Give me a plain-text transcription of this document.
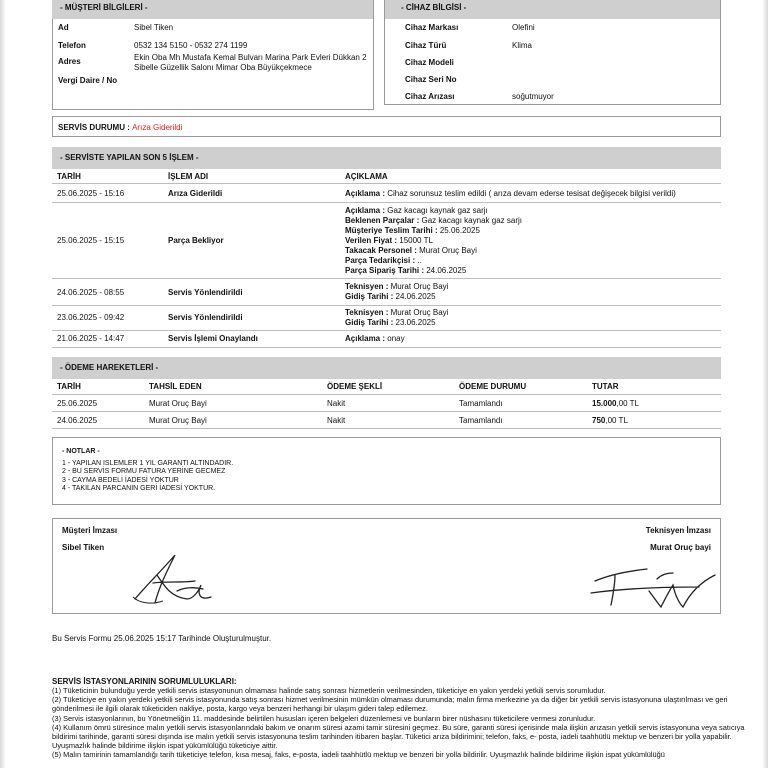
- MÜŞTERİ BİLGİLERİ -
Ad	Sibel Tiken
Telefon	0532 134 5150 - 0532 274 1199
Adres	Ekin Oba Mh Mustafa Kemal Bulvarı Marina Park Evleri Dükkan 2 Sibelle Güzellik Salonı Mimar Oba Büyükçekmece
Vergi Daire / No
- CİHAZ BİLGİSİ -
Cihaz Markası	Olefini
Cihaz Türü	Klima
Cihaz Modeli
Cihaz Seri No
Cihaz Arızası	soğutmuyor
SERVİS DURUMU : Arıza Giderildi
- SERVİSTE YAPILAN SON 5 İŞLEM -
TARİH	İŞLEM ADI	AÇIKLAMA
25.06.2025 - 15:16	Arıza Giderildi	Açıklama : Cihaz sorunsuz teslim edildi ( arıza devam ederse tesisat değişecek bilgisi verildi)
25.06.2025 - 15:15	Parça Bekliyor
Açıklama : Gaz kacagı kaynak gaz sarjı
Beklenen Parçalar : Gaz kacagı kaynak gaz sarjı
Müşteriye Teslim Tarihi : 25.06.2025
Verilen Fiyat : 15000 TL
Takacak Personel : Murat Oruç Bayi
Parça Tedarikçisi : ..
Parça Sipariş Tarihi : 24.06.2025
24.06.2025 - 08:55	Servis Yönlendirildi
Teknisyen : Murat Oruç Bayi
Gidiş Tarihi : 24.06.2025
23.06.2025 - 09:42	Servis Yönlendirildi
Teknisyen : Murat Oruç Bayi
Gidiş Tarihi : 23.06.2025
21.06.2025 - 14:47	Servis İşlemi Onaylandı	Açıklama : onay
- ÖDEME HAREKETLERİ -
TARİH	TAHSİL EDEN	ÖDEME ŞEKLİ	ÖDEME DURUMU	TUTAR
25.06.2025	Murat Oruç Bayi	Nakit	Tamamlandı	15.000,00 TL
24.06.2025	Murat Oruç Bayi	Nakit	Tamamlandı	750,00 TL
- NOTLAR -
1 - YAPILAN ISLEMLER 1 YIL GARANTI ALTINDADIR.
2 - BU SERVİS FORMU FATURA YERİNE GECMEZ
3 - CAYMA BEDELİ İADESİ YOKTUR
4 - TAKILAN PARCANIN GERİ İADESİ YOKTUR.
Müşteri İmzası
Sibel Tiken
Teknisyen İmzası
Murat Oruç bayi
Bu Servis Formu 25.06.2025 15:17 Tarihinde Oluşturulmuştur.
SERVİS İSTASYONLARININ SORUMLULUKLARI:
(1) Tüketicinin bulunduğu yerde yetkili servis istasyonunun olmaması halinde satış sonrası hizmetlerin verilmesinden, tüketiciye en yakın yerdeki yetkili servis sorumludur.
(2) Tüketiciye en yakın yerdeki yetkili servis istasyonunda satış sonrası hizmet verilmesinin mümkün olmaması durumunda; malın firma merkezine ya da diğer bir yetkili servis istasyonuna ulaştırılması ve geri gönderilmesi ile ilgili olarak tüketiciden nakliye, posta, kargo veya benzeri herhangi bir ulaşım gideri talep edilemez.
(3) Servis istasyonlarının, bu Yönetmeliğin 11. maddesinde belirtilen hususları içeren belgeleri düzenlemesi ve bunların birer nüshasını tüketicilere vermesi zorunludur.
(4) Kullanım ömrü süresince malın yetkili servis istasyonlarındaki bakım ve onarım süresi azami tamir süresini geçmez. Bu süre, garanti süresi içerisinde mala ilişkin arızasın yetkili servis istasyonuna veya satıcıya bildirimi tarihinde, garanti süresi dışında ise malın yetkili servis istasyonuna teslim tarihinden itibaren başlar. Tüketici arıza bildirimini; telefon, faks, e- posta, iadeli taahhütlü mektup ve benzeri bir yolla yapabilir. Uyuşmazlık halinde bildirime ilişkin ispat yükümlülüğü tüketiciye aittir.
(5) Malın tamirinin tamamlandığı tarih tüketiciye telefon, kısa mesaj, faks, e-posta, iadeli taahhütlü mektup ve benzeri bir yolla bildirilir. Uyuşmazlık halinde bildirime ilişkin ispat yükümlülüğü
